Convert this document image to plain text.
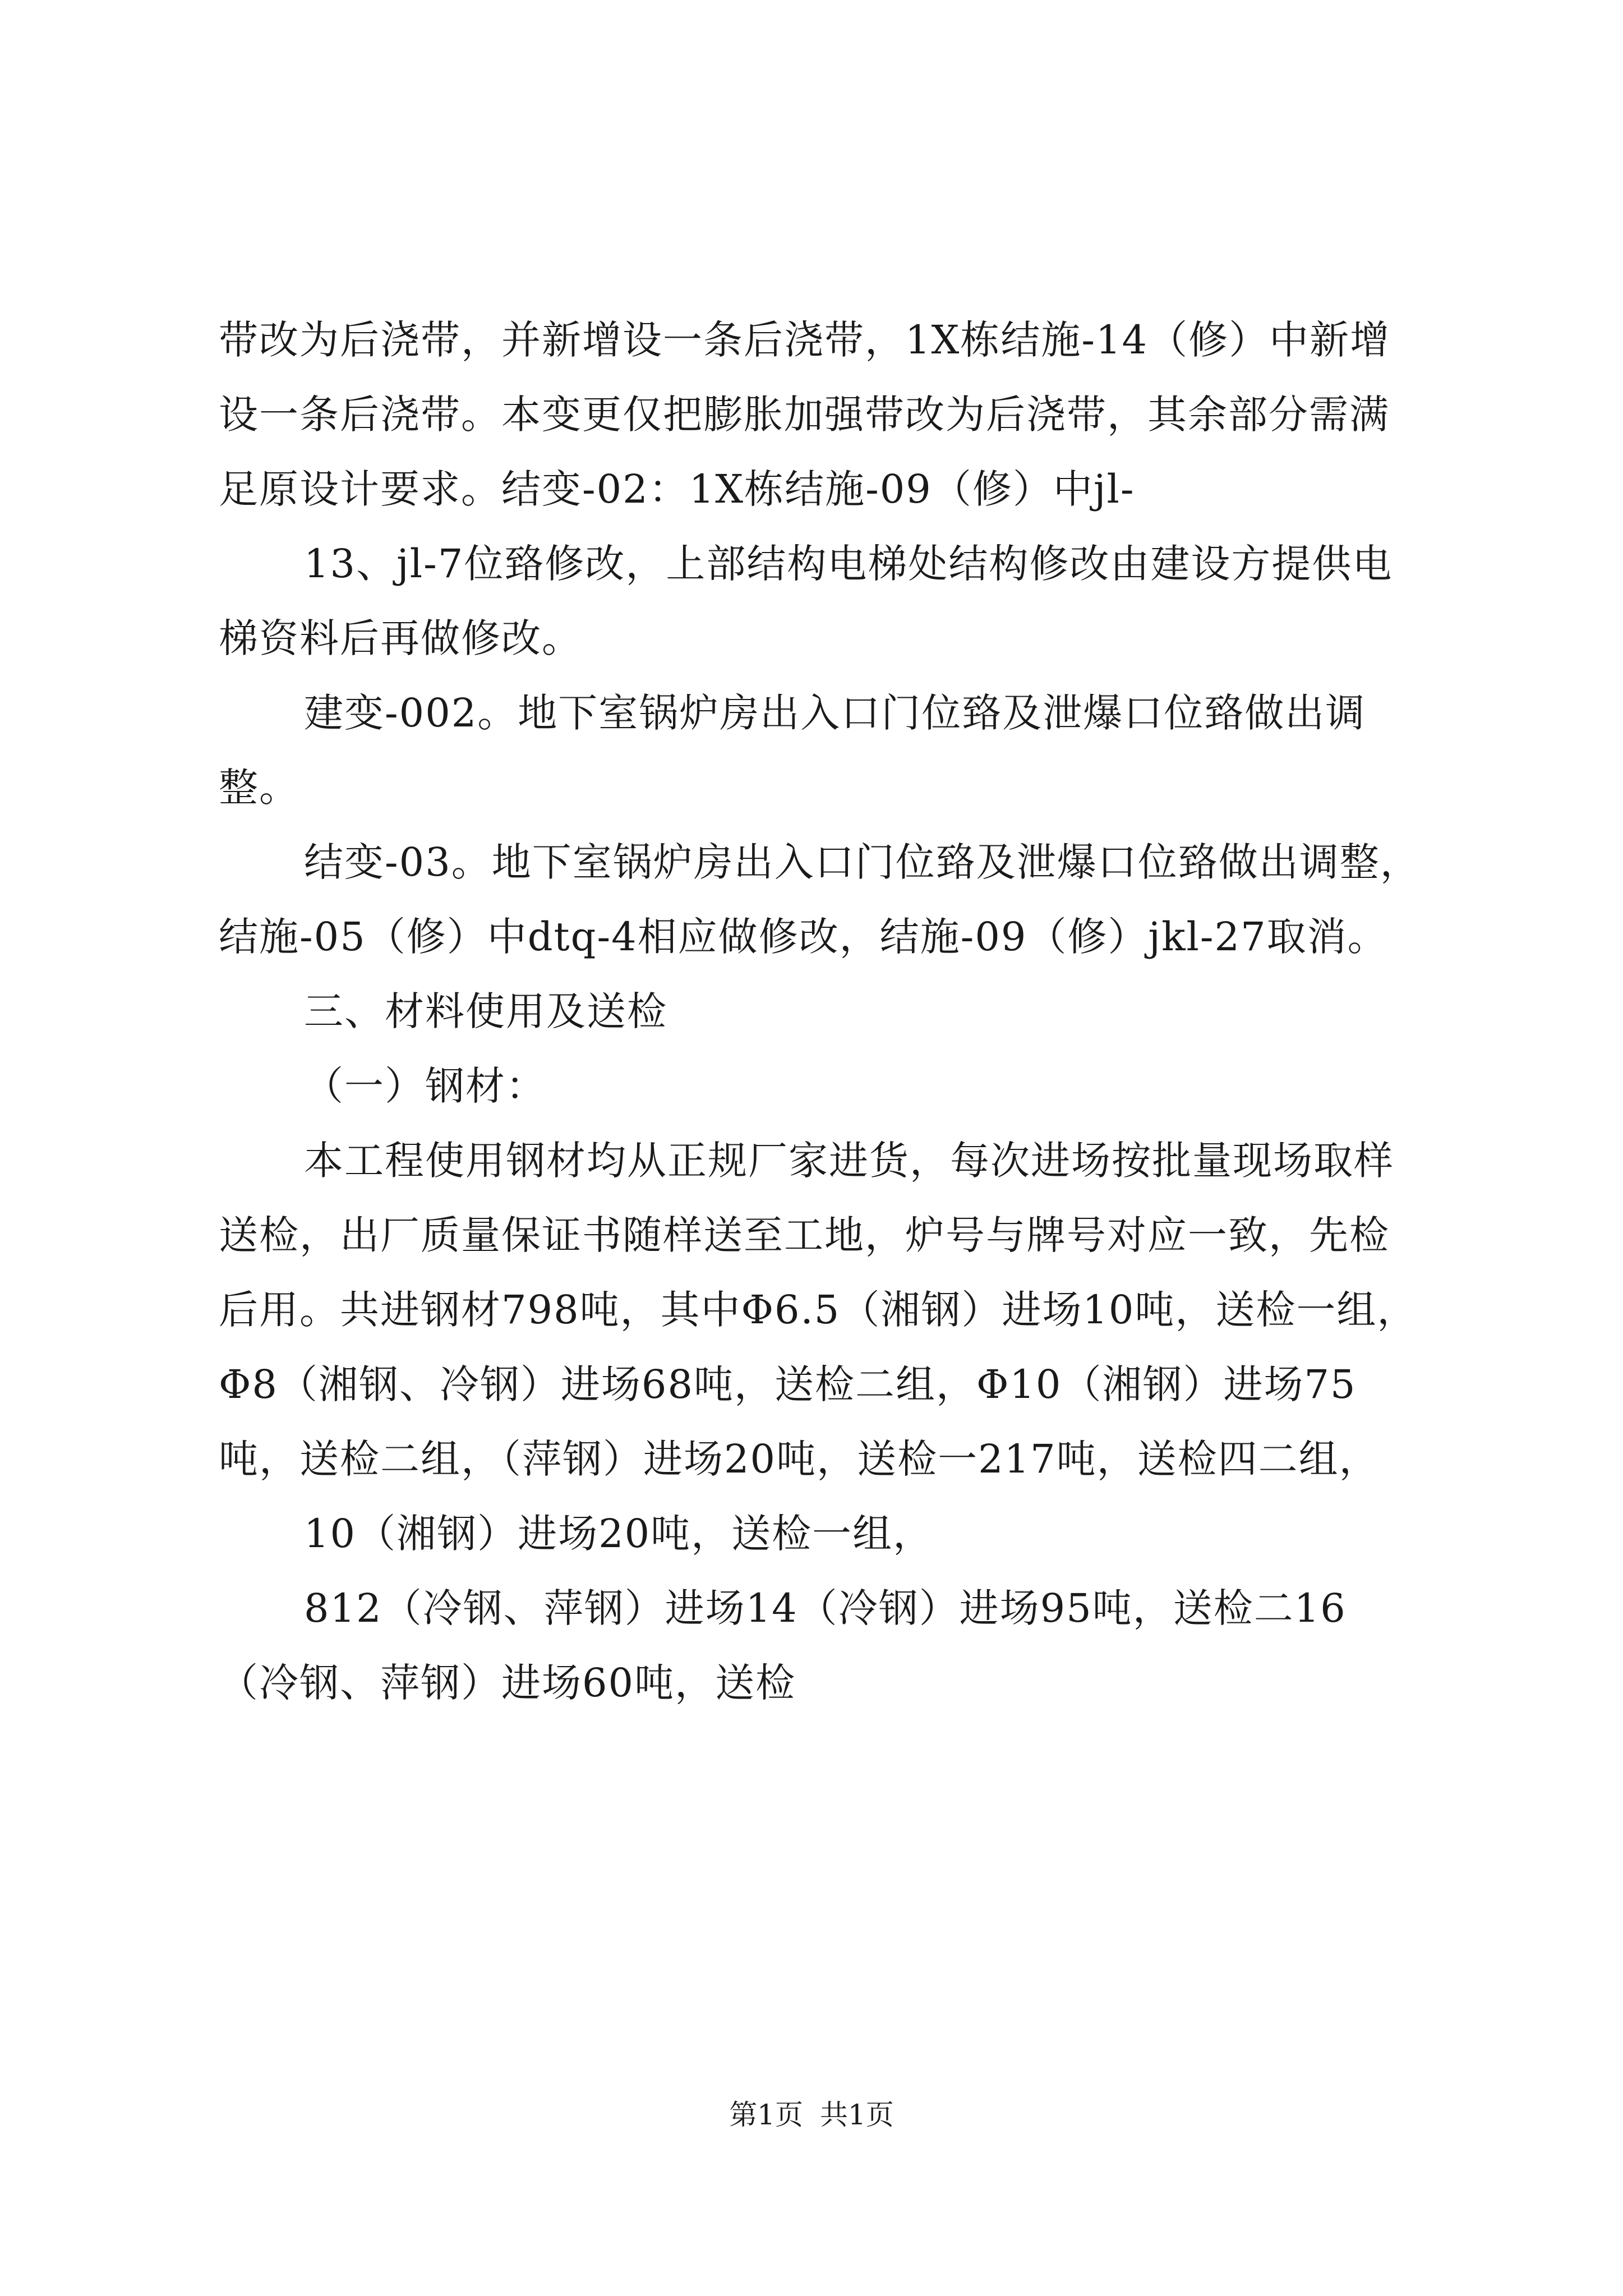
带改为后浇带，并新增设一条后浇带，1X栋结施-14（修）中新增设一条后浇带。本变更仅把膨胀加强带改为后浇带，其余部分需满足原设计要求。结变-02：1X栋结施-09（修）中jl-

13、jl-7位臵修改，上部结构电梯处结构修改由建设方提供电梯资料后再做修改。

建变-002。地下室锅炉房出入口门位臵及泄爆口位臵做出调整。

结变-03。地下室锅炉房出入口门位臵及泄爆口位臵做出调整，结施-05（修）中dtq-4相应做修改，结施-09（修）jkl-27取消。

三、材料使用及送检

（一）钢材：

本工程使用钢材均从正规厂家进货，每次进场按批量现场取样送检，出厂质量保证书随样送至工地，炉号与牌号对应一致，先检后用。共进钢材798吨，其中Φ6.5（湘钢）进场10吨，送检一组，Φ8（湘钢、冷钢）进场68吨，送检二组，Φ10（湘钢）进场75吨，送检二组，（萍钢）进场20吨，送检一217吨，送检四二组，

10（湘钢）进场20吨，送检一组，

812（冷钢、萍钢）进场14（冷钢）进场95吨，送检二16（冷钢、萍钢）进场60吨，送检

第1页 共1页
